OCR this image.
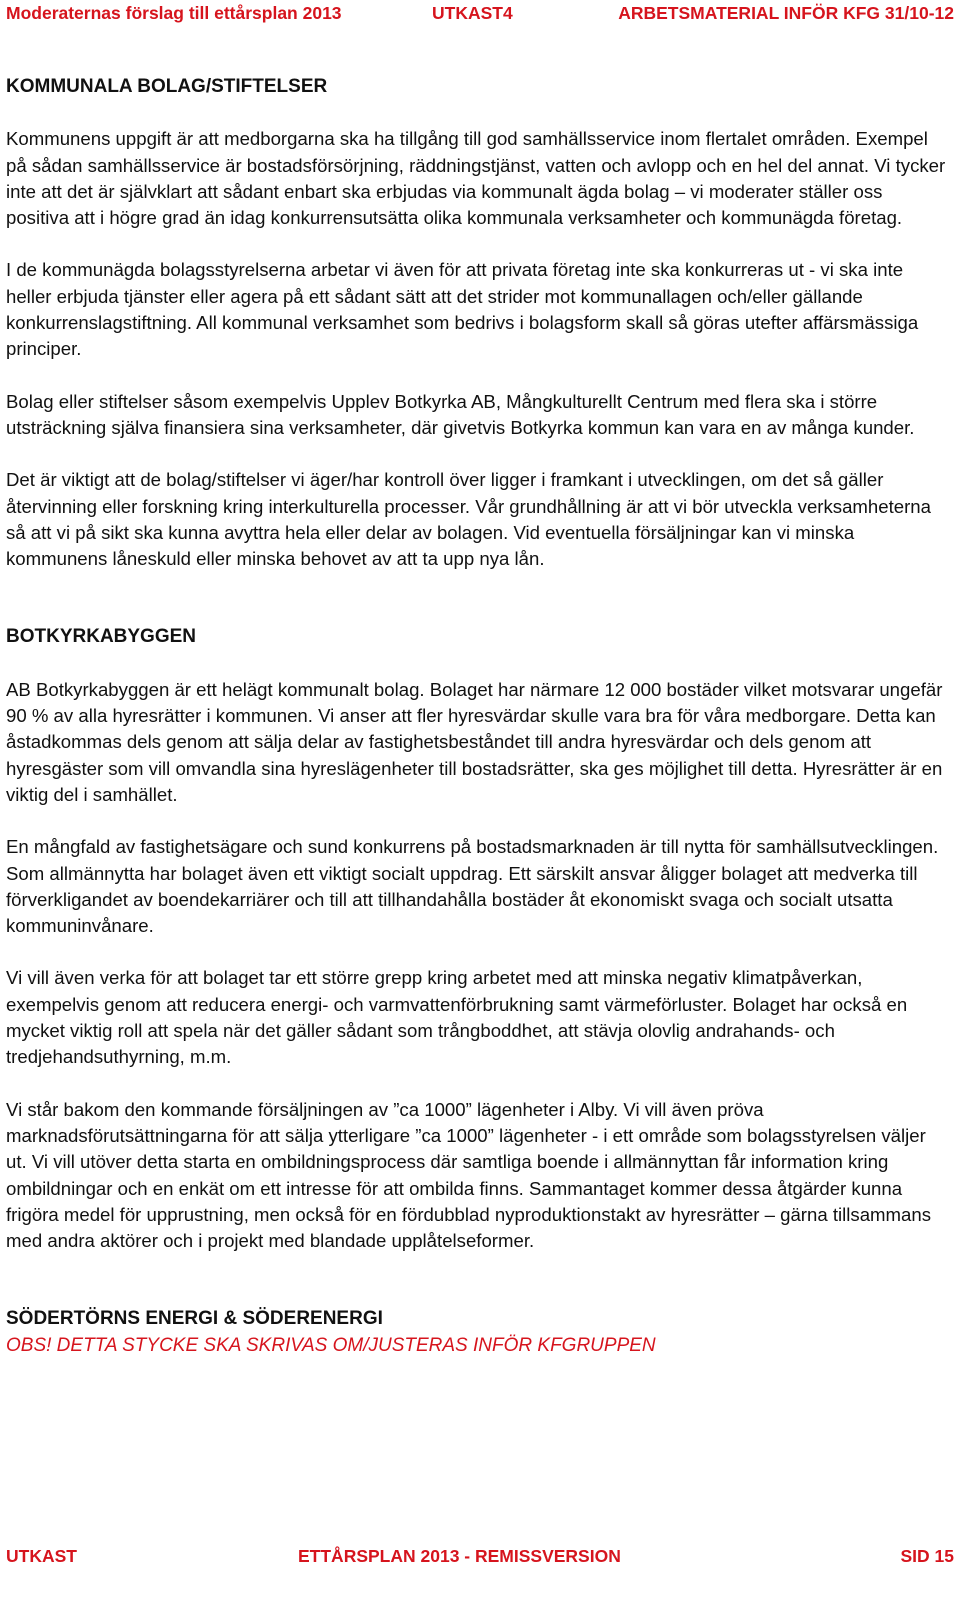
Moderaternas förslag till ettårsplan 2013	UTKAST4	ARBETSMATERIAL INFÖR KFG 31/10-12
KOMMUNALA BOLAG/STIFTELSER

Kommunens uppgift är att medborgarna ska ha tillgång till god samhällsservice inom flertalet områden. Exempel på sådan samhällsservice är bostadsförsörjning, räddningstjänst, vatten och avlopp och en hel del annat. Vi tycker inte att det är självklart att sådant enbart ska erbjudas via kommunalt ägda bolag – vi moderater ställer oss positiva att i högre grad än idag konkurrensutsätta olika kommunala verksamheter och kommunägda företag.

I de kommunägda bolagsstyrelserna arbetar vi även för att privata företag inte ska konkurreras ut - vi ska inte heller erbjuda tjänster eller agera på ett sådant sätt att det strider mot kommunallagen och/eller gällande konkurrenslagstiftning. All kommunal verksamhet som bedrivs i bolagsform skall så göras utefter affärsmässiga principer.

Bolag eller stiftelser såsom exempelvis Upplev Botkyrka AB, Mångkulturellt Centrum med flera ska i större utsträckning själva finansiera sina verksamheter, där givetvis Botkyrka kommun kan vara en av många kunder.

Det är viktigt att de bolag/stiftelser vi äger/har kontroll över ligger i framkant i utvecklingen, om det så gäller återvinning eller forskning kring interkulturella processer. Vår grundhållning är att vi bör utveckla verksamheterna så att vi på sikt ska kunna avyttra hela eller delar av bolagen. Vid eventuella försäljningar kan vi minska kommunens låneskuld eller minska behovet av att ta upp nya lån.

BOTKYRKABYGGEN

AB Botkyrkabyggen är ett helägt kommunalt bolag. Bolaget har närmare 12 000 bostäder vilket motsvarar ungefär 90 % av alla hyresrätter i kommunen. Vi anser att fler hyresvärdar skulle vara bra för våra medborgare. Detta kan åstadkommas dels genom att sälja delar av fastighetsbeståndet till andra hyresvärdar och dels genom att hyresgäster som vill omvandla sina hyreslägenheter till bostadsrätter, ska ges möjlighet till detta. Hyresrätter är en viktig del i samhället.

En mångfald av fastighetsägare och sund konkurrens på bostadsmarknaden är till nytta för samhällsutvecklingen. Som allmännytta har bolaget även ett viktigt socialt uppdrag. Ett särskilt ansvar åligger bolaget att medverka till förverkligandet av boendekarriärer och till att tillhandahålla bostäder åt ekonomiskt svaga och socialt utsatta kommuninvånare.

Vi vill även verka för att bolaget tar ett större grepp kring arbetet med att minska negativ klimatpåverkan, exempelvis genom att reducera energi- och varmvattenförbrukning samt värmeförluster. Bolaget har också en mycket viktig roll att spela när det gäller sådant som trångboddhet, att stävja olovlig andrahands- och tredjehandsuthyrning, m.m.

Vi står bakom den kommande försäljningen av ”ca 1000” lägenheter i Alby. Vi vill även pröva marknadsförutsättningarna för att sälja ytterligare ”ca 1000” lägenheter - i ett område som bolagsstyrelsen väljer ut. Vi vill utöver detta starta en ombildningsprocess där samtliga boende i allmännyttan får information kring ombildningar och en enkät om ett intresse för att ombilda finns. Sammantaget kommer dessa åtgärder kunna frigöra medel för upprustning, men också för en fördubblad nyproduktionstakt av hyresrätter – gärna tillsammans med andra aktörer och i projekt med blandade upplåtelseformer.

SÖDERTÖRNS ENERGI & SÖDERENERGI

OBS! DETTA STYCKE SKA SKRIVAS OM/JUSTERAS INFÖR KFGRUPPEN

UTKAST	ETTÅRSPLAN 2013 - REMISSVERSION	SID 15
